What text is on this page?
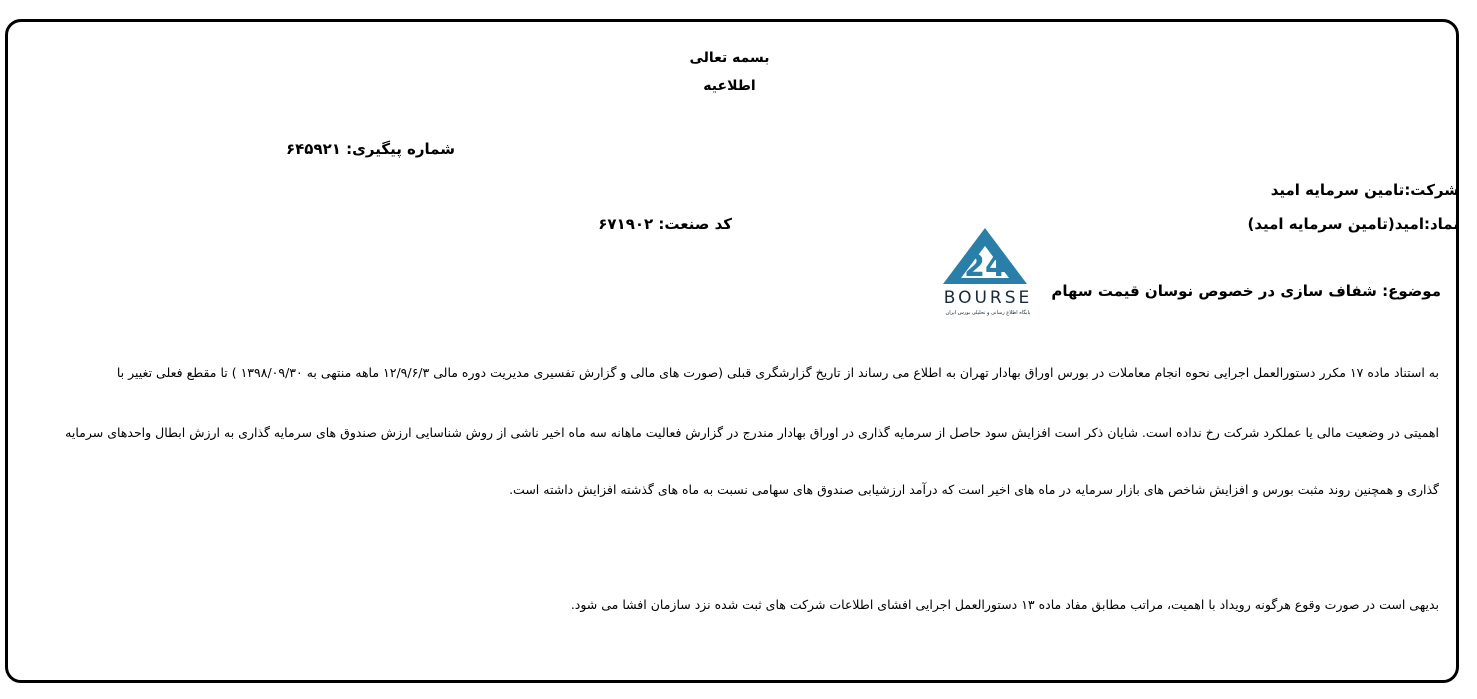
بسمه تعالی
اطلاعیه
شماره پیگیری: ۶۴۵۹۲۱
شرکت:تامین سرمایه امید
نماد:امید(تامین سرمایه امید)
کد صنعت: ۶۷۱۹۰۲
موضوع: شفاف سازی در خصوص نوسان قیمت سهام
24
BOURSE
پایگاه اطلاع رسانی و تحلیلی بورس ایران
به استناد ماده ۱۷ مکرر دستورالعمل اجرایی نحوه انجام معاملات در بورس اوراق بهادار تهران به اطلاع می رساند از تاریخ گزارشگری قبلی (صورت های مالی و گزارش تفسیری مدیریت دوره مالی ۱۲/۹/۶/۳ ماهه منتهی به ۱۳۹۸/۰۹/۳۰ ) تا مقطع فعلی تغییر با
اهمیتی در وضعیت مالی یا عملکرد شرکت رخ نداده است. شایان ذکر است افزایش سود حاصل از سرمایه گذاری در اوراق بهادار مندرج در گزارش فعالیت ماهانه سه ماه اخیر ناشی از روش شناسایی ارزش صندوق های سرمایه گذاری به ارزش ابطال واحدهای سرمایه
گذاری و همچنین روند مثبت بورس و افزایش شاخص های بازار سرمایه در ماه های اخیر است که درآمد ارزشیابی صندوق های سهامی نسبت به ماه های گذشته افزایش داشته است.
بدیهی است در صورت وقوع هرگونه رویداد با اهمیت، مراتب مطابق مفاد ماده ۱۳ دستورالعمل اجرایی افشای اطلاعات شرکت های ثبت شده نزد سازمان افشا می شود.
